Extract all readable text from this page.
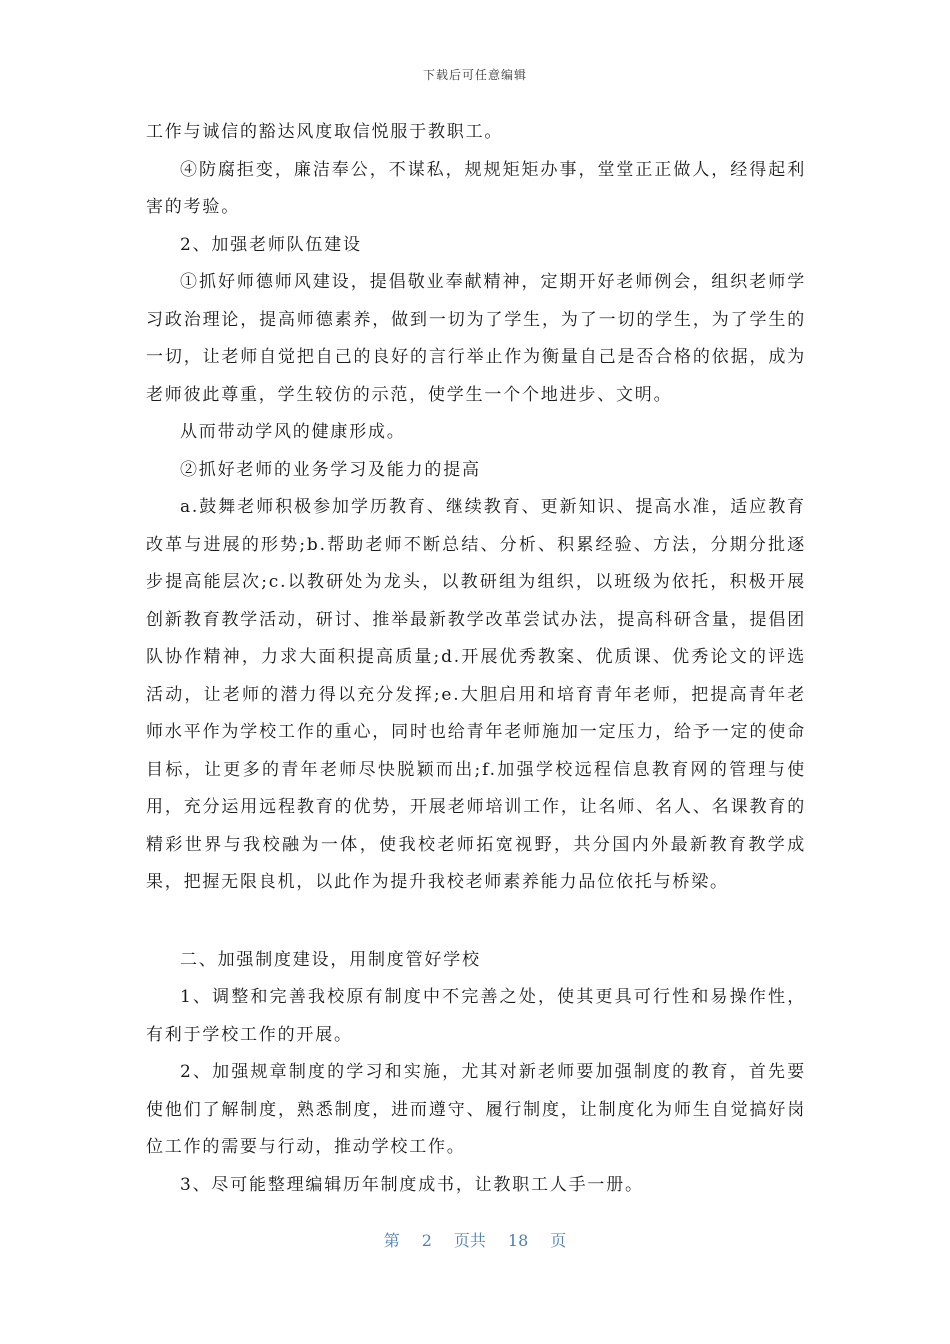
下载后可任意编辑

工作与诚信的豁达风度取信悦服于教职工。

④防腐拒变，廉洁奉公，不谋私，规规矩矩办事，堂堂正正做人，经得起利害的考验。

2、加强老师队伍建设

①抓好师德师风建设，提倡敬业奉献精神，定期开好老师例会，组织老师学习政治理论，提高师德素养，做到一切为了学生，为了一切的学生，为了学生的一切，让老师自觉把自己的良好的言行举止作为衡量自己是否合格的依据，成为老师彼此尊重，学生较仿的示范，使学生一个个地进步、文明。

从而带动学风的健康形成。

②抓好老师的业务学习及能力的提高

a.鼓舞老师积极参加学历教育、继续教育、更新知识、提高水准，适应教育改革与进展的形势;b.帮助老师不断总结、分析、积累经验、方法，分期分批逐步提高能层次;c.以教研处为龙头，以教研组为组织，以班级为依托，积极开展创新教育教学活动，研讨、推举最新教学改革尝试办法，提高科研含量，提倡团队协作精神，力求大面积提高质量;d.开展优秀教案、优质课、优秀论文的评选活动，让老师的潜力得以充分发挥;e.大胆启用和培育青年老师，把提高青年老师水平作为学校工作的重心，同时也给青年老师施加一定压力，给予一定的使命目标，让更多的青年老师尽快脱颖而出;f.加强学校远程信息教育网的管理与使用，充分运用远程教育的优势，开展老师培训工作，让名师、名人、名课教育的精彩世界与我校融为一体，使我校老师拓宽视野，共分国内外最新教育教学成果，把握无限良机，以此作为提升我校老师素养能力品位依托与桥梁。

二、加强制度建设，用制度管好学校

1、调整和完善我校原有制度中不完善之处，使其更具可行性和易操作性，有利于学校工作的开展。

2、加强规章制度的学习和实施，尤其对新老师要加强制度的教育，首先要使他们了解制度，熟悉制度，进而遵守、履行制度，让制度化为师生自觉搞好岗位工作的需要与行动，推动学校工作。

3、尽可能整理编辑历年制度成书，让教职工人手一册。

第 2 页共 18 页
